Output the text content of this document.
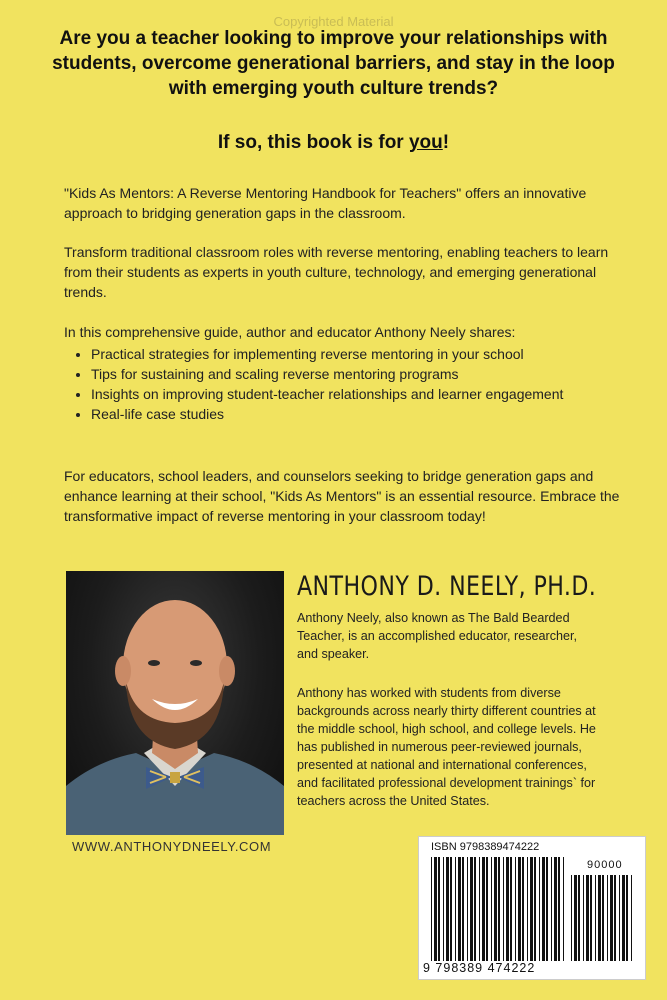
Copyrighted Material
Are you a teacher looking to improve your relationships with students, overcome generational barriers, and stay in the loop with emerging youth culture trends?
If so, this book is for you!
"Kids As Mentors: A Reverse Mentoring Handbook for Teachers" offers an innovative approach to bridging generation gaps in the classroom.
Transform traditional classroom roles with reverse mentoring, enabling teachers to learn from their students as experts in youth culture, technology, and emerging generational trends.
In this comprehensive guide, author and educator Anthony Neely shares:
• Practical strategies for implementing reverse mentoring in your school
• Tips for sustaining and scaling reverse mentoring programs
• Insights on improving student-teacher relationships and learner engagement
• Real-life case studies
For educators, school leaders, and counselors seeking to bridge generation gaps and enhance learning at their school, "Kids As Mentors" is an essential resource. Embrace the transformative impact of reverse mentoring in your classroom today!
WWW.ANTHONYDNEELY.COM
ANTHONY D. NEELY, PH.D.
Anthony Neely, also known as The Bald Bearded Teacher, is an accomplished educator, researcher, and speaker.
Anthony has worked with students from diverse backgrounds across nearly thirty different countries at the middle school, high school, and college levels. He has published in numerous peer-reviewed journals, presented at national and international conferences, and facilitated professional development trainings` for teachers across the United States.
ISBN 9798389474222
90000
9 798389 474222
